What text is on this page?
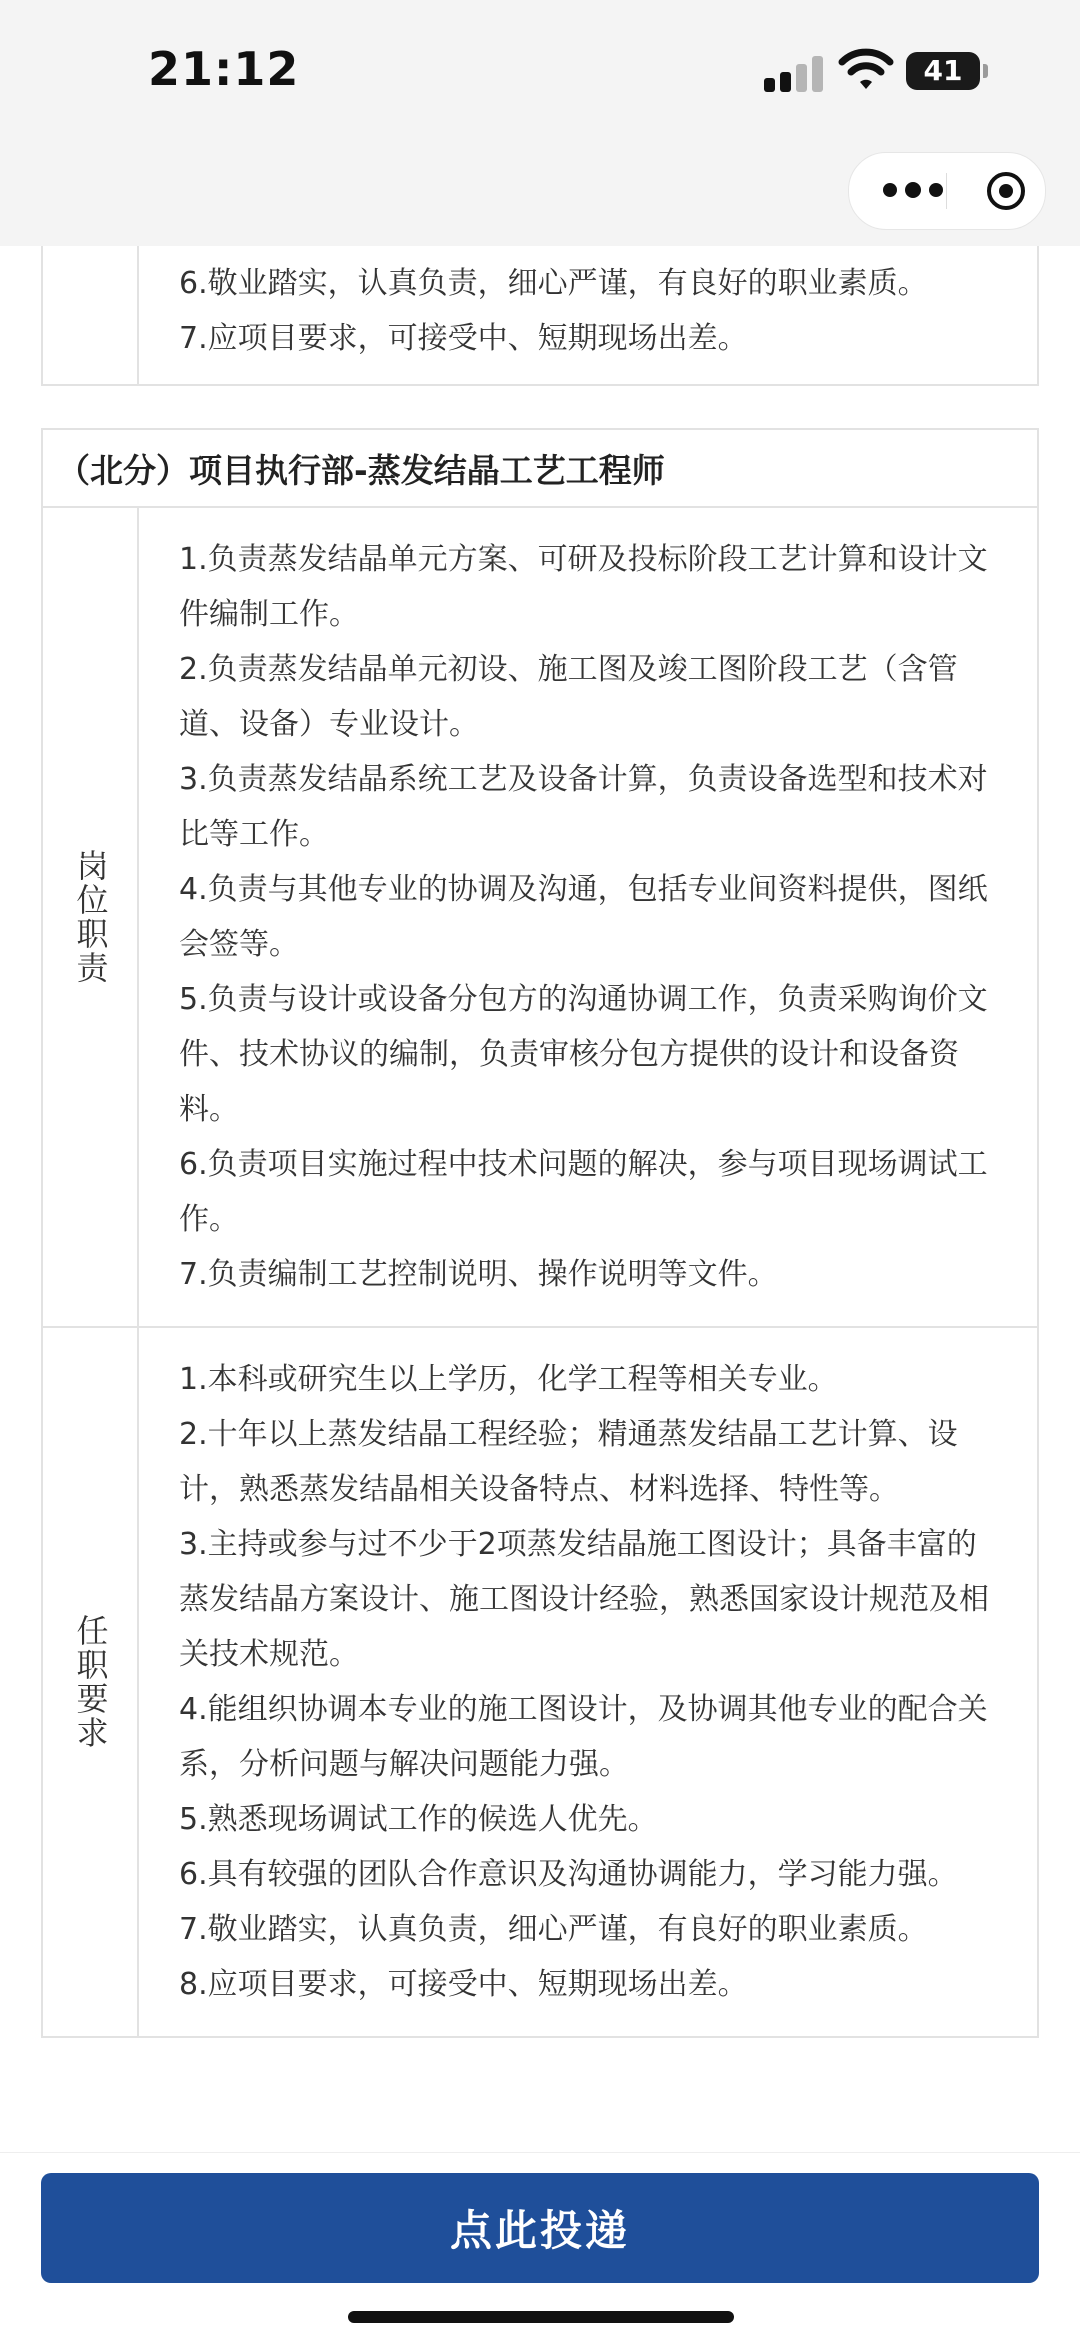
21:12	41
6.敬业踏实，认真负责，细心严谨，有良好的职业素质。
7.应项目要求，可接受中、短期现场出差。
（北分）项目执行部-蒸发结晶工艺工程师
岗位职责
1.负责蒸发结晶单元方案、可研及投标阶段工艺计算和设计文
件编制工作。
2.负责蒸发结晶单元初设、施工图及竣工图阶段工艺（含管
道、设备）专业设计。
3.负责蒸发结晶系统工艺及设备计算，负责设备选型和技术对
比等工作。
4.负责与其他专业的协调及沟通，包括专业间资料提供，图纸
会签等。
5.负责与设计或设备分包方的沟通协调工作，负责采购询价文
件、技术协议的编制，负责审核分包方提供的设计和设备资
料。
6.负责项目实施过程中技术问题的解决，参与项目现场调试工
作。
7.负责编制工艺控制说明、操作说明等文件。
任职要求
1.本科或研究生以上学历，化学工程等相关专业。
2.十年以上蒸发结晶工程经验；精通蒸发结晶工艺计算、设
计，熟悉蒸发结晶相关设备特点、材料选择、特性等。
3.主持或参与过不少于2项蒸发结晶施工图设计；具备丰富的
蒸发结晶方案设计、施工图设计经验，熟悉国家设计规范及相
关技术规范。
4.能组织协调本专业的施工图设计，及协调其他专业的配合关
系，分析问题与解决问题能力强。
5.熟悉现场调试工作的候选人优先。
6.具有较强的团队合作意识及沟通协调能力，学习能力强。
7.敬业踏实，认真负责，细心严谨，有良好的职业素质。
8.应项目要求，可接受中、短期现场出差。
点此投递
